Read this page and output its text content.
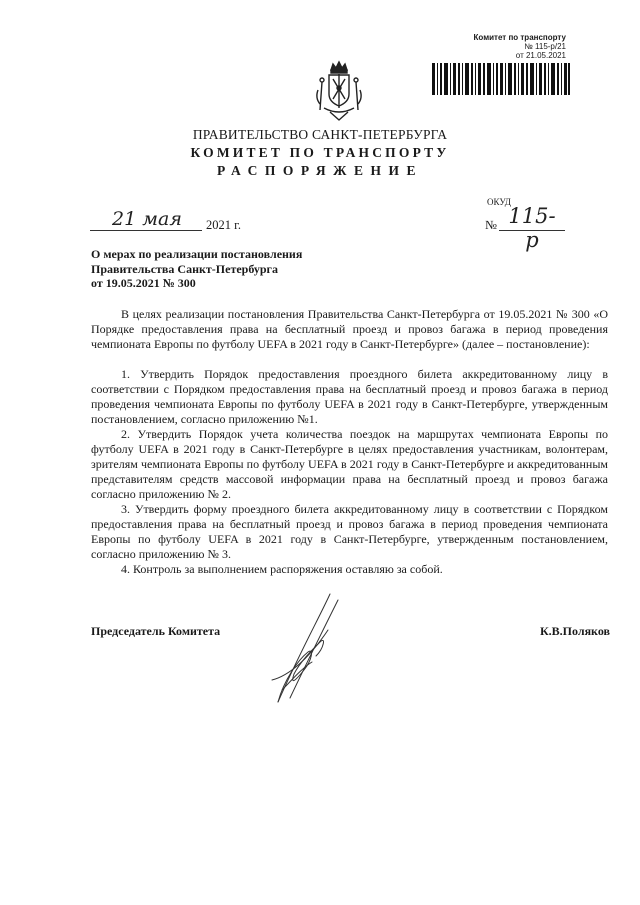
Комитет по транспорту
№ 115-р/21
от 21.05.2021
ПРАВИТЕЛЬСТВО САНКТ-ПЕТЕРБУРГА
КОМИТЕТ ПО ТРАНСПОРТУ
РАСПОРЯЖЕНИЕ
ОКУД
21 мая	2021 г.	№ 115-р
О мерах по реализации постановления
Правительства Санкт-Петербурга
от 19.05.2021 № 300

В целях реализации постановления Правительства Санкт-Петербурга от 19.05.2021 № 300 «О Порядке предоставления права на бесплатный проезд и провоз багажа в период проведения чемпионата Европы по футболу UEFA в 2021 году в Санкт-Петербурге» (далее – постановление):

1. Утвердить Порядок предоставления проездного билета аккредитованному лицу в соответствии с Порядком предоставления права на бесплатный проезд и провоз багажа в период проведения чемпионата Европы по футболу UEFA в 2021 году в Санкт-Петербурге, утвержденным постановлением, согласно приложению №1.

2. Утвердить Порядок учета количества поездок на маршрутах чемпионата Европы по футболу UEFA в 2021 году в Санкт-Петербурге в целях предоставления участникам, волонтерам, зрителям чемпионата Европы по футболу UEFA в 2021 году в Санкт-Петербурге и аккредитованным представителям средств массовой информации права на бесплатный проезд и провоз багажа согласно приложению № 2.

3. Утвердить форму проездного билета аккредитованному лицу в соответствии с Порядком предоставления права на бесплатный проезд и провоз багажа в период проведения чемпионата Европы по футболу UEFA в 2021 году в Санкт-Петербурге, утвержденным постановлением, согласно приложению № 3.

4. Контроль за выполнением распоряжения оставляю за собой.

Председатель Комитета	К.В.Поляков
